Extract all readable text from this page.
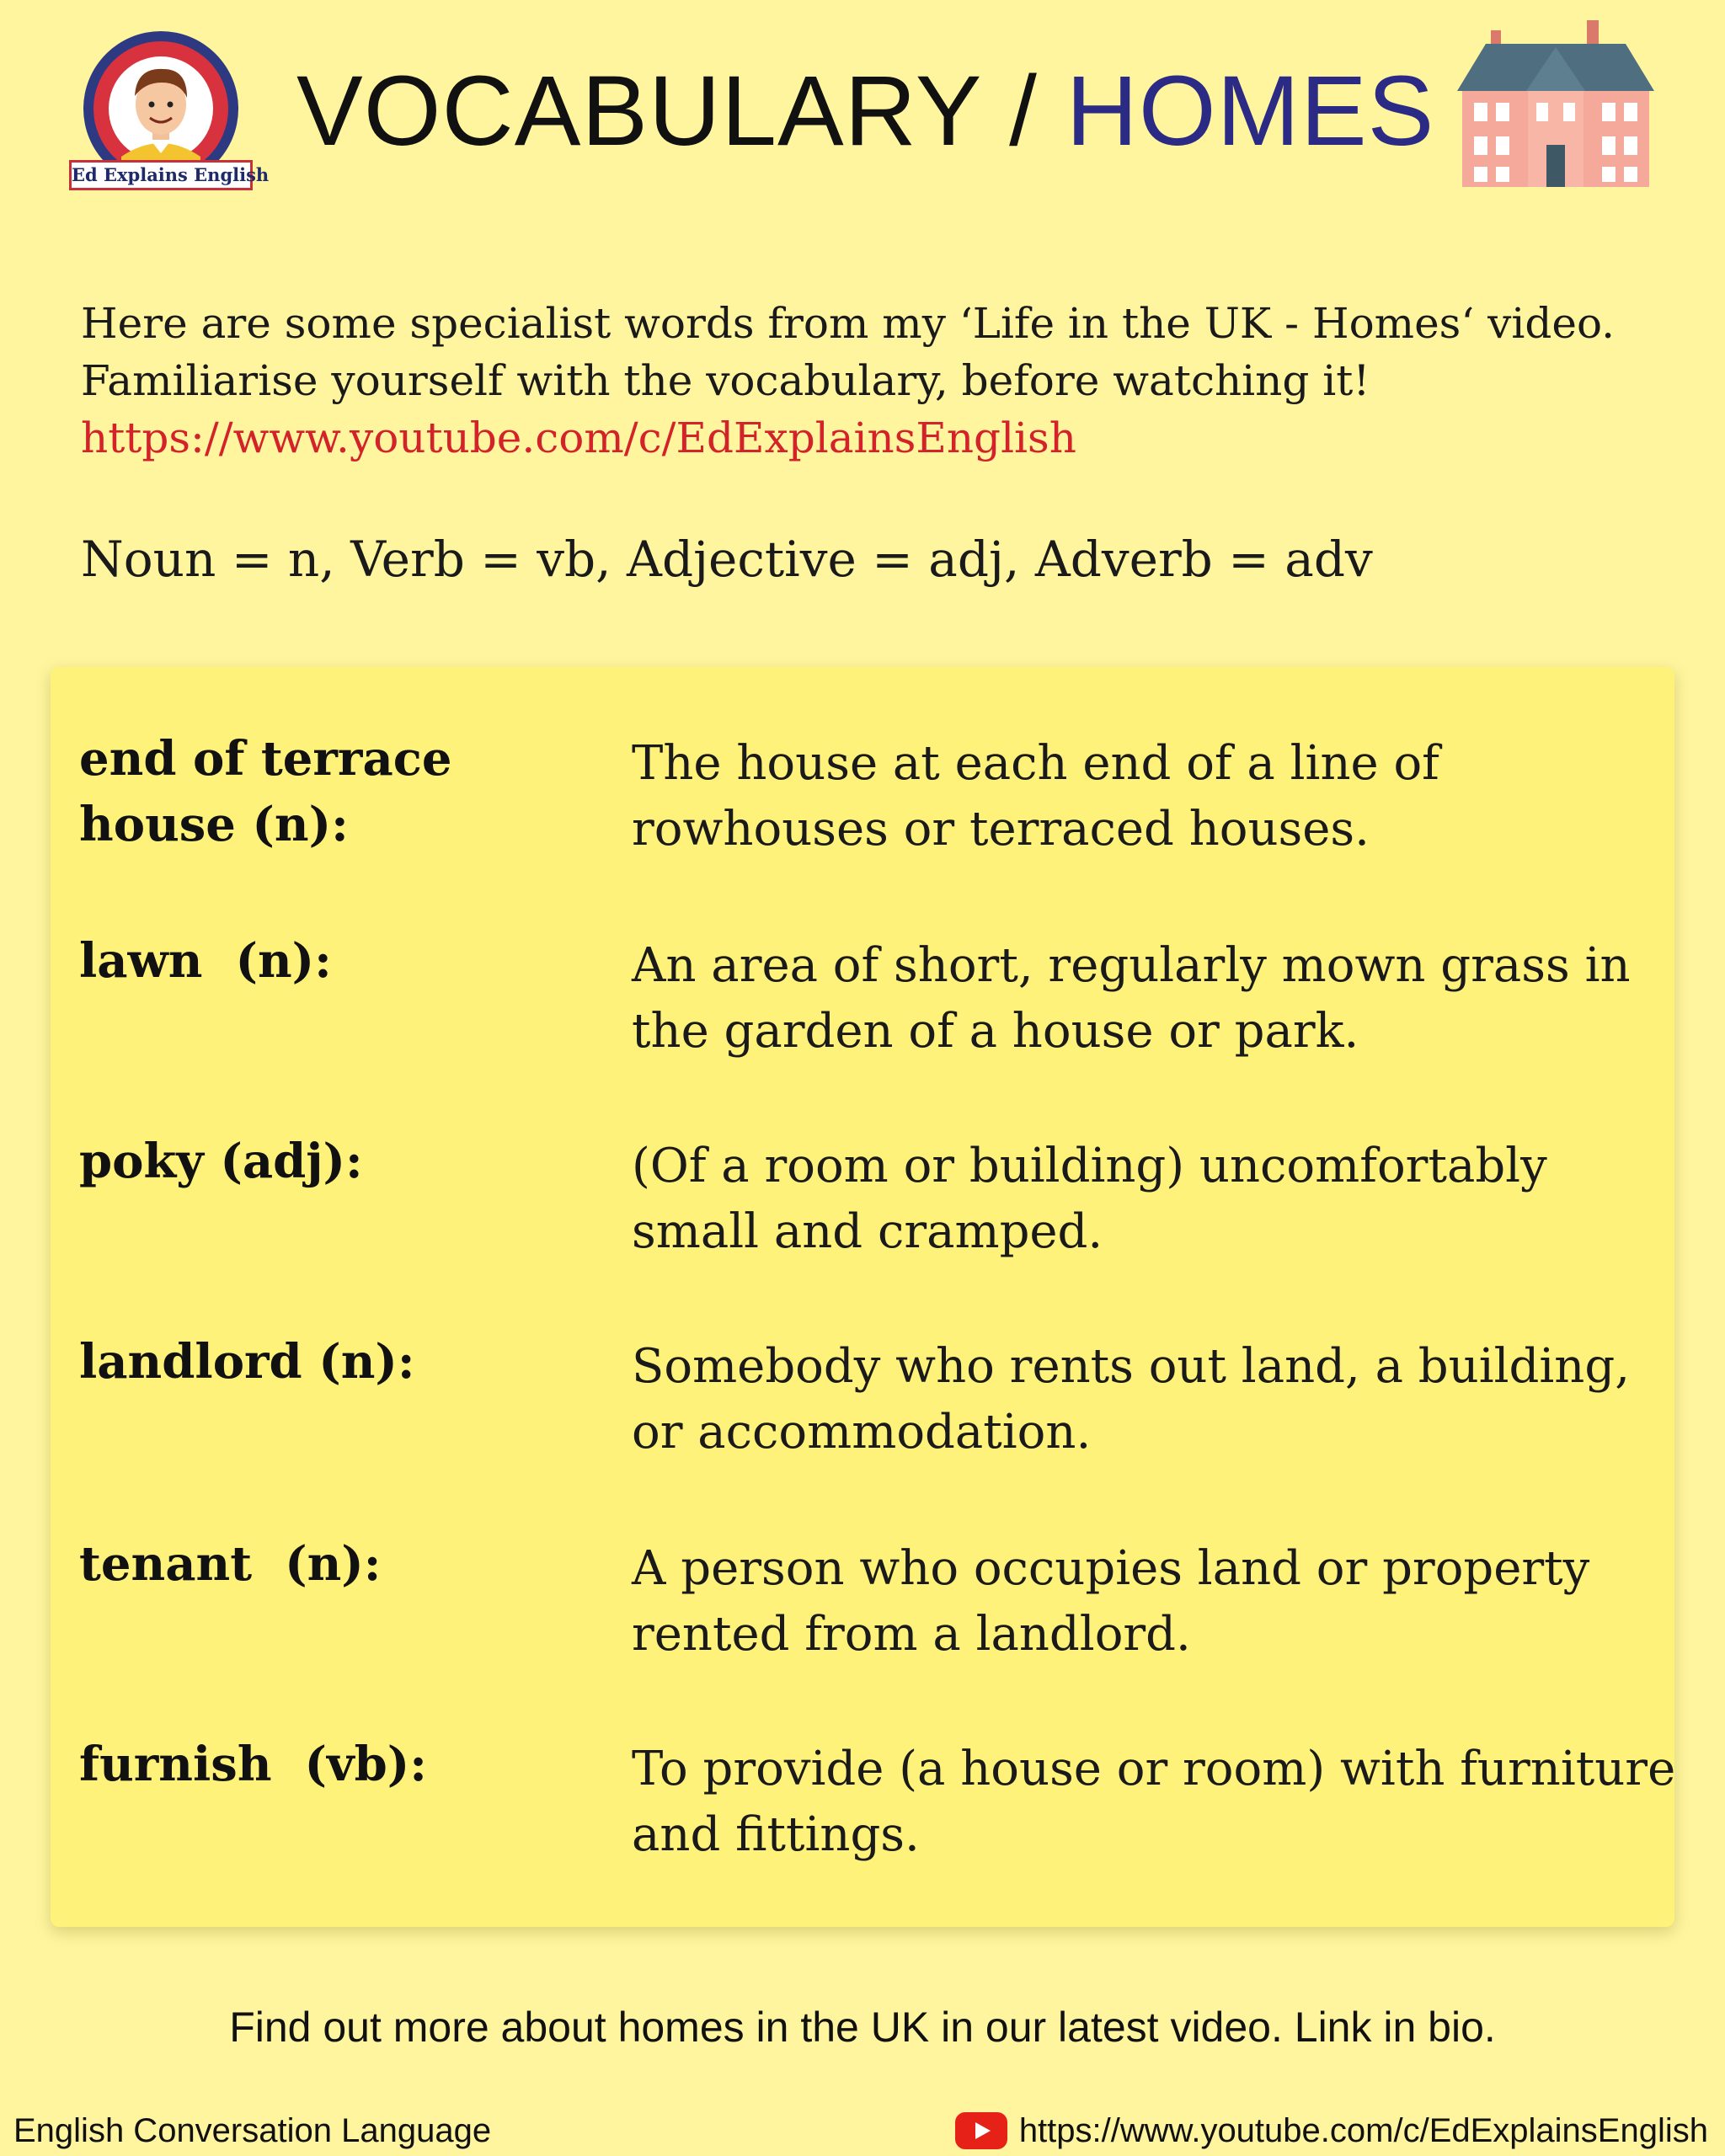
Ed Explains English
VOCABULARY / HOMES
Here are some specialist words from my ‘Life in the UK - Homes‘ video.
Familiarise yourself with the vocabulary, before watching it!
https://www.youtube.com/c/EdExplainsEnglish
Noun = n, Verb = vb, Adjective = adj, Adverb = adv
end of terrace house (n):
The house at each end of a line of rowhouses or terraced houses.
lawn  (n):	An area of short, regularly mown grass in the garden of a house or park.
poky (adj):	(Of a room or building) uncomfortably small and cramped.
landlord (n):	Somebody who rents out land, a building, or accommodation.
tenant  (n):	A person who occupies land or property rented from a landlord.
furnish  (vb):	To provide (a house or room) with furniture and fittings.
Find out more about homes in the UK in our latest video. Link in bio.
English Conversation Language	https://www.youtube.com/c/EdExplainsEnglish
